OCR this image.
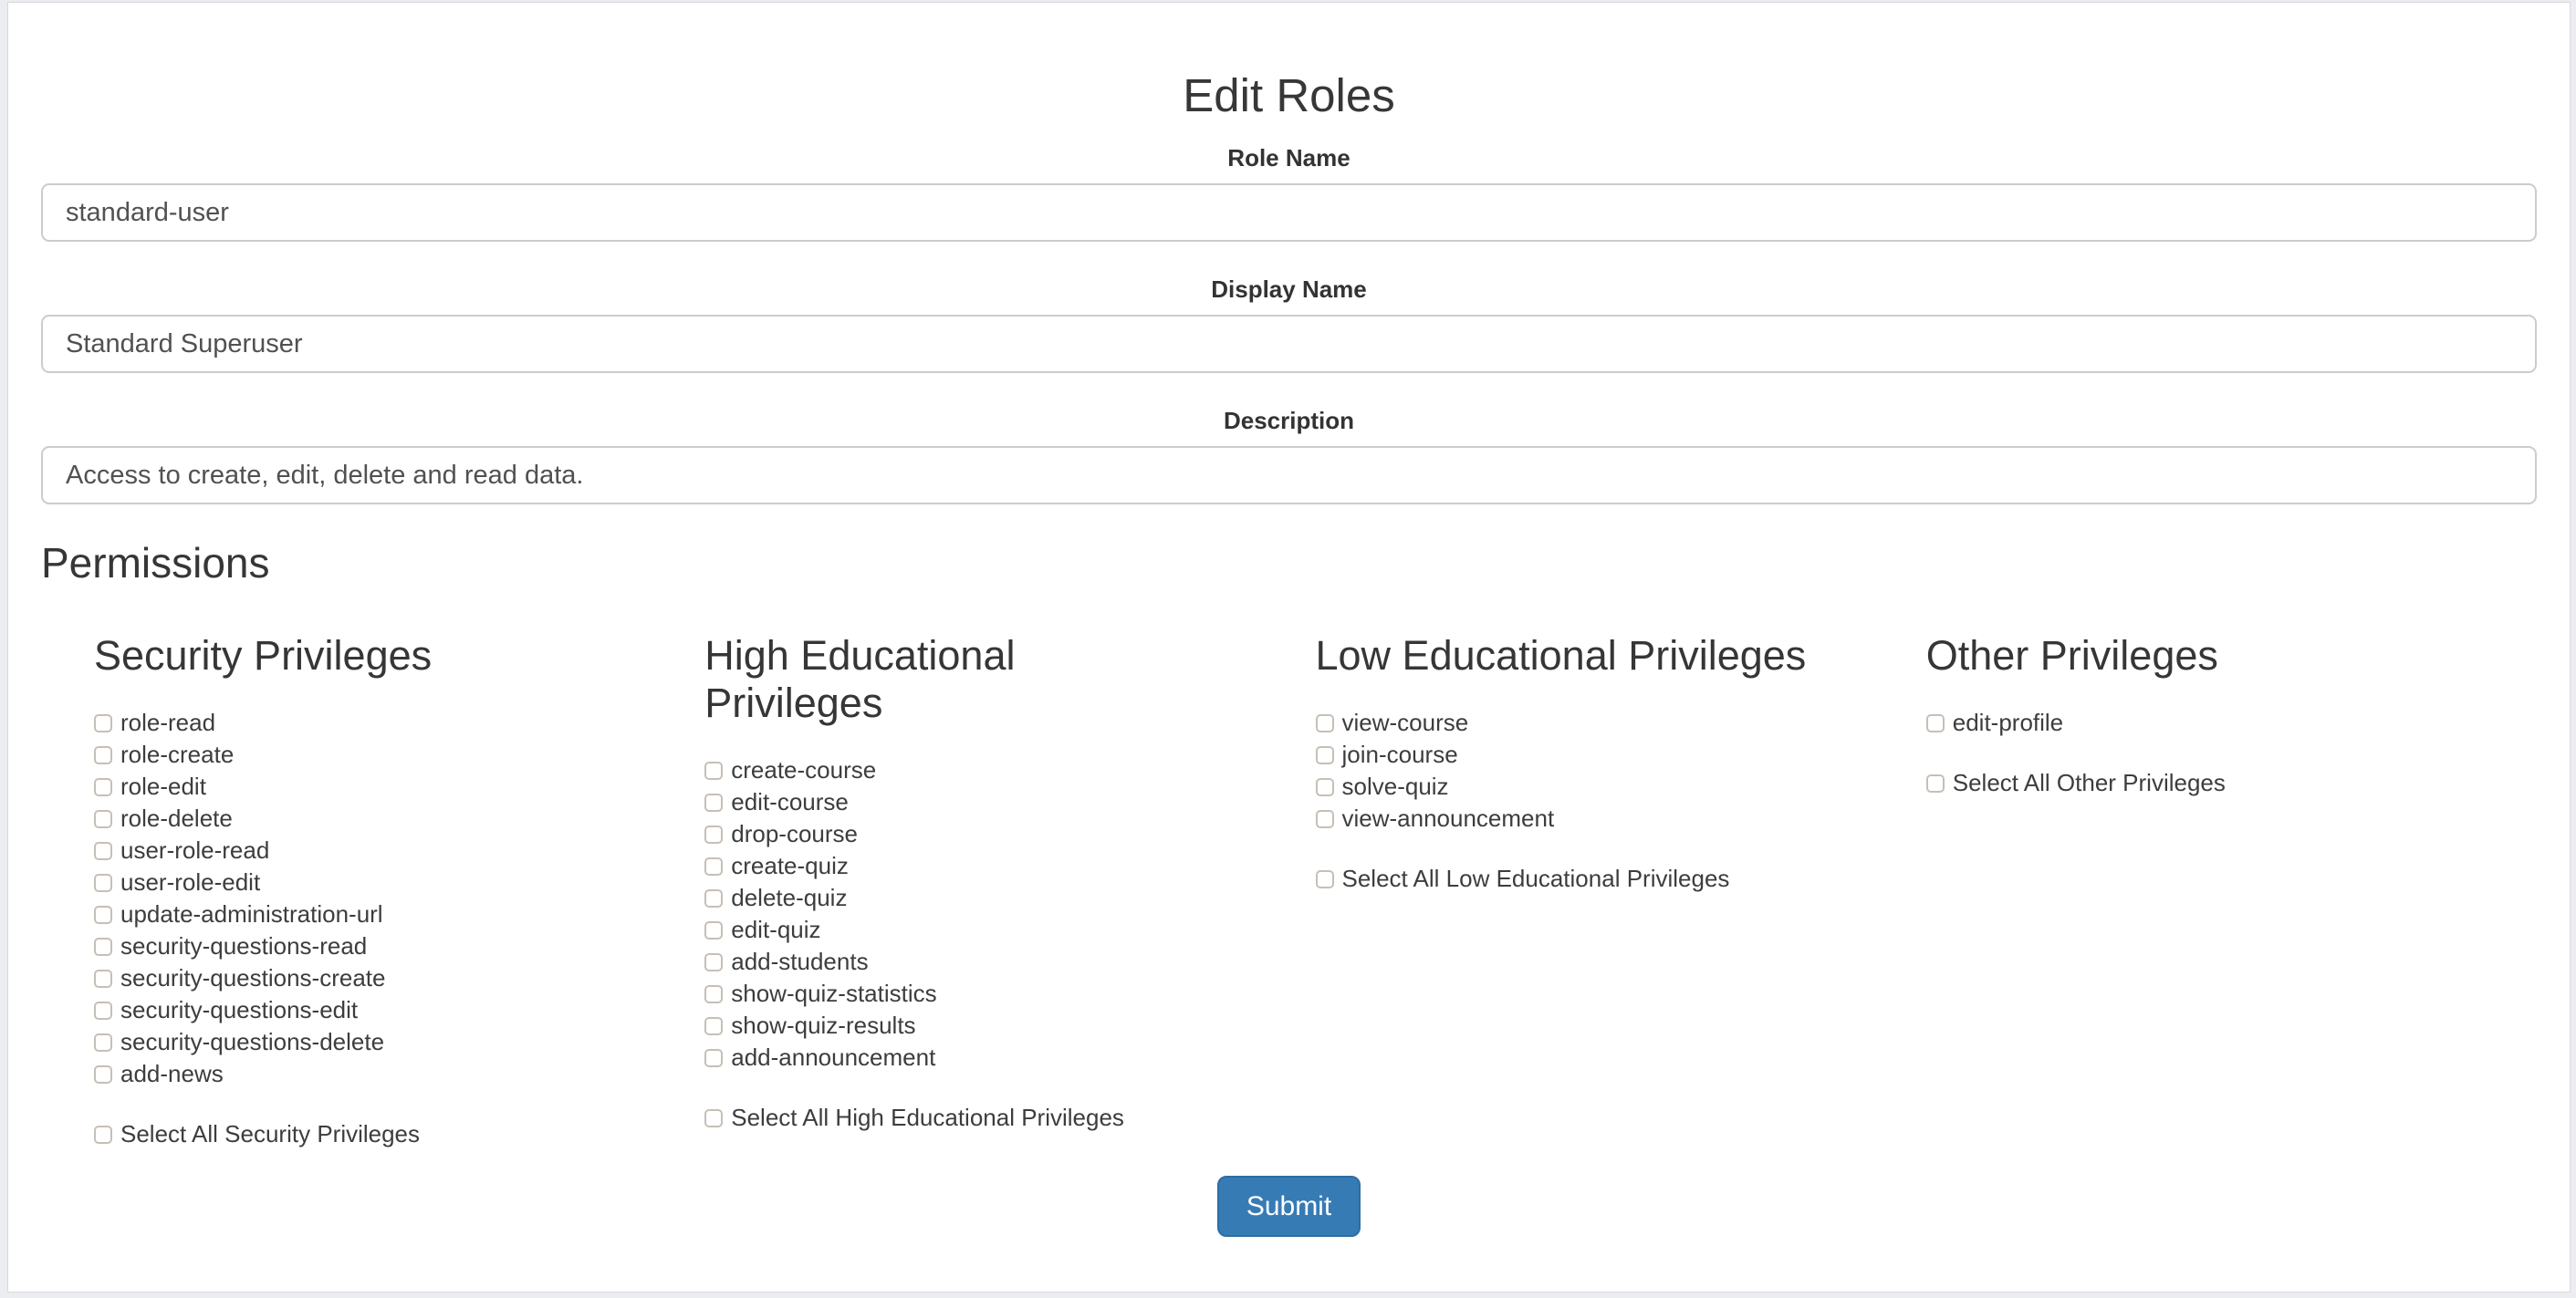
Edit Roles
Role Name
standard-user
Display Name
Standard Superuser
Description
Access to create, edit, delete and read data.
Permissions
Security Privileges
role-read
role-create
role-edit
role-delete
user-role-read
user-role-edit
update-administration-url
security-questions-read
security-questions-create
security-questions-edit
security-questions-delete
add-news
Select All Security Privileges
High Educational Privileges
create-course
edit-course
drop-course
create-quiz
delete-quiz
edit-quiz
add-students
show-quiz-statistics
show-quiz-results
add-announcement
Select All High Educational Privileges
Low Educational Privileges
view-course
join-course
solve-quiz
view-announcement
Select All Low Educational Privileges
Other Privileges
edit-profile
Select All Other Privileges
Submit
